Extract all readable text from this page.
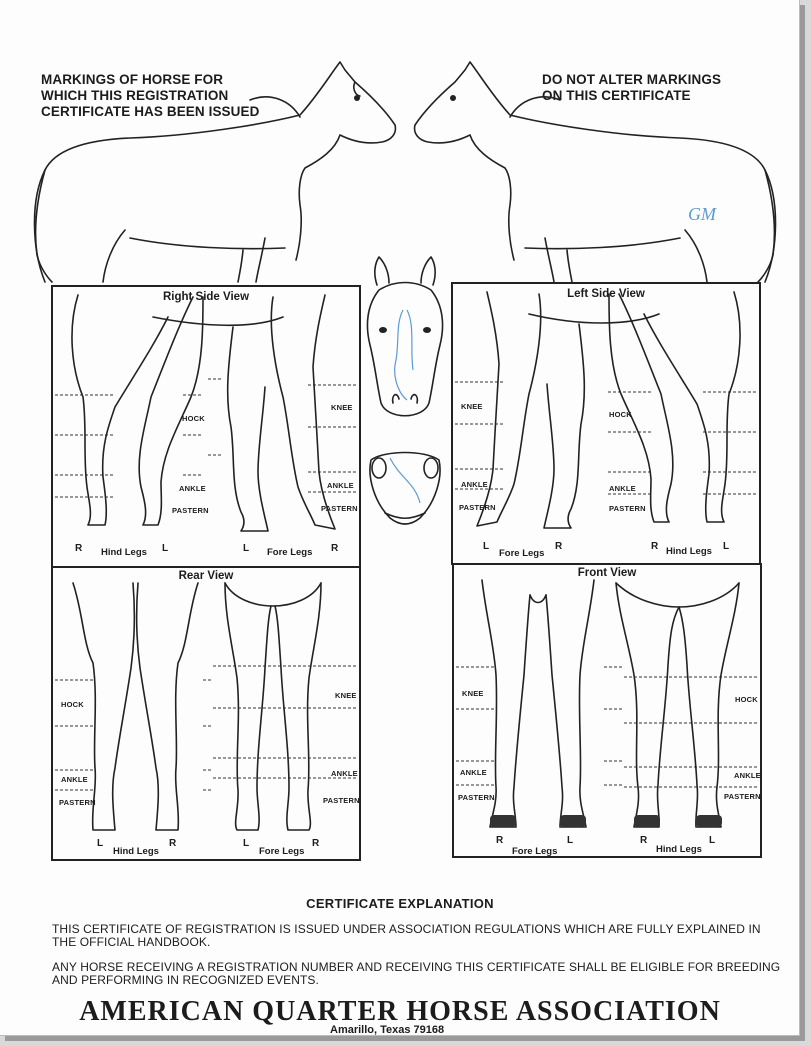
MARKINGS OF HORSE FOR
WHICH THIS REGISTRATION
CERTIFICATE HAS BEEN ISSUED
DO NOT ALTER MARKINGS
ON THIS CERTIFICATE
GM
Right Side View
HOCK
KNEE
ANKLE
PASTERN
ANKLE
PASTERN
R Hind Legs L	L Fore Legs R
Left Side View
KNEE
HOCK
ANKLE
PASTERN
ANKLE
PASTERN
L
Fore Legs
R	R Hind Legs L
Rear View
HOCK
KNEE
ANKLE
PASTERN
ANKLE
PASTERN
L
Hind Legs
R	L
Fore Legs
R
Front View
KNEE
HOCK
ANKLE
PASTERN
ANKLE
PASTERN
R
Fore Legs
L	R
Hind Legs
L
CERTIFICATE EXPLANATION
THIS CERTIFICATE OF REGISTRATION IS ISSUED UNDER ASSOCIATION REGULATIONS WHICH ARE FULLY EXPLAINED IN THE OFFICIAL HANDBOOK.
ANY HORSE RECEIVING A REGISTRATION NUMBER AND RECEIVING THIS CERTIFICATE SHALL BE ELIGIBLE FOR BREEDING AND PERFORMING IN RECOGNIZED EVENTS.
AMERICAN QUARTER HORSE ASSOCIATION
Amarillo, Texas 79168
